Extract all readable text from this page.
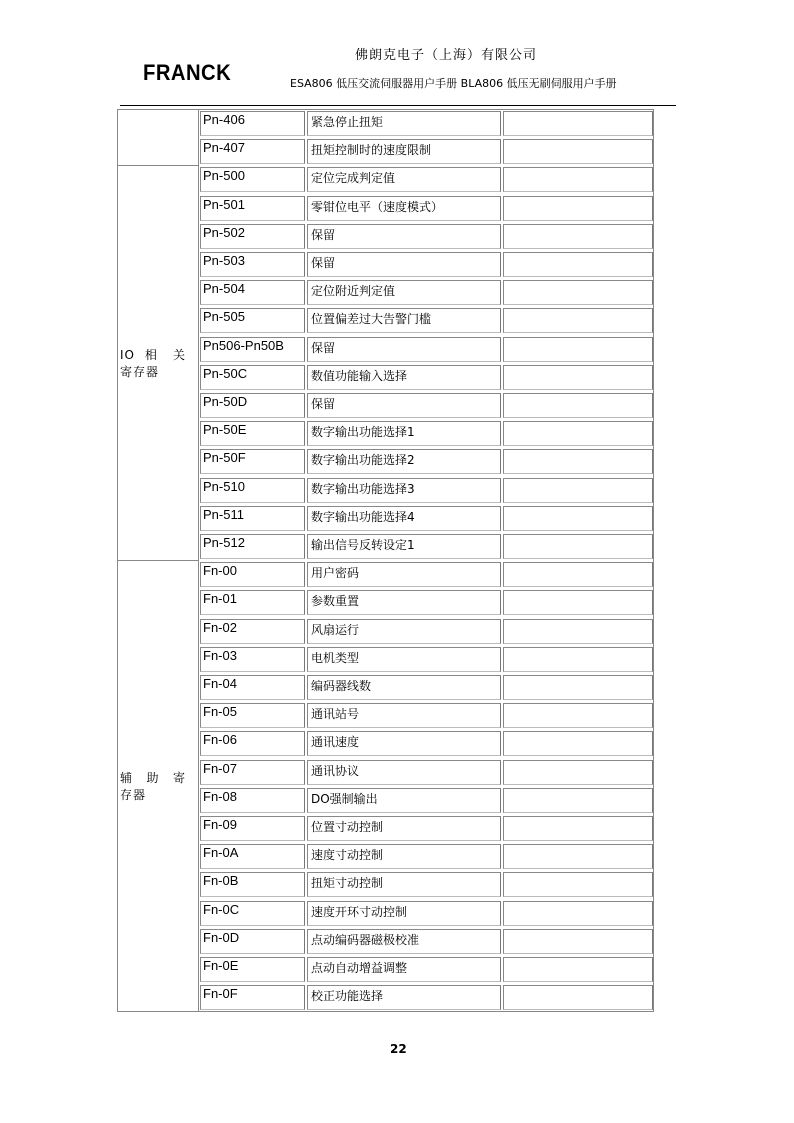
FRANCK
佛朗克电子（上海）有限公司
ESA806 低压交流伺服器用户手册 BLA806 低压无刷伺服用户手册
Pn-406	紧急停止扭矩
Pn-407	扭矩控制时的速度限制
IO 相 关 寄存器
Pn-500	定位完成判定值
Pn-501	零钳位电平（速度模式）
Pn-502	保留
Pn-503	保留
Pn-504	定位附近判定值
Pn-505	位置偏差过大告警门槛
Pn506-Pn50B	保留
Pn-50C	数值功能输入选择
Pn-50D	保留
Pn-50E	数字输出功能选择1
Pn-50F	数字输出功能选择2
Pn-510	数字输出功能选择3
Pn-511	数字输出功能选择4
Pn-512	输出信号反转设定1
辅 助 寄 存器
Fn-00	用户密码
Fn-01	参数重置
Fn-02	风扇运行
Fn-03	电机类型
Fn-04	编码器线数
Fn-05	通讯站号
Fn-06	通讯速度
Fn-07	通讯协议
Fn-08	DO强制输出
Fn-09	位置寸动控制
Fn-0A	速度寸动控制
Fn-0B	扭矩寸动控制
Fn-0C	速度开环寸动控制
Fn-0D	点动编码器磁极校准
Fn-0E	点动自动增益调整
Fn-0F	校正功能选择
22
